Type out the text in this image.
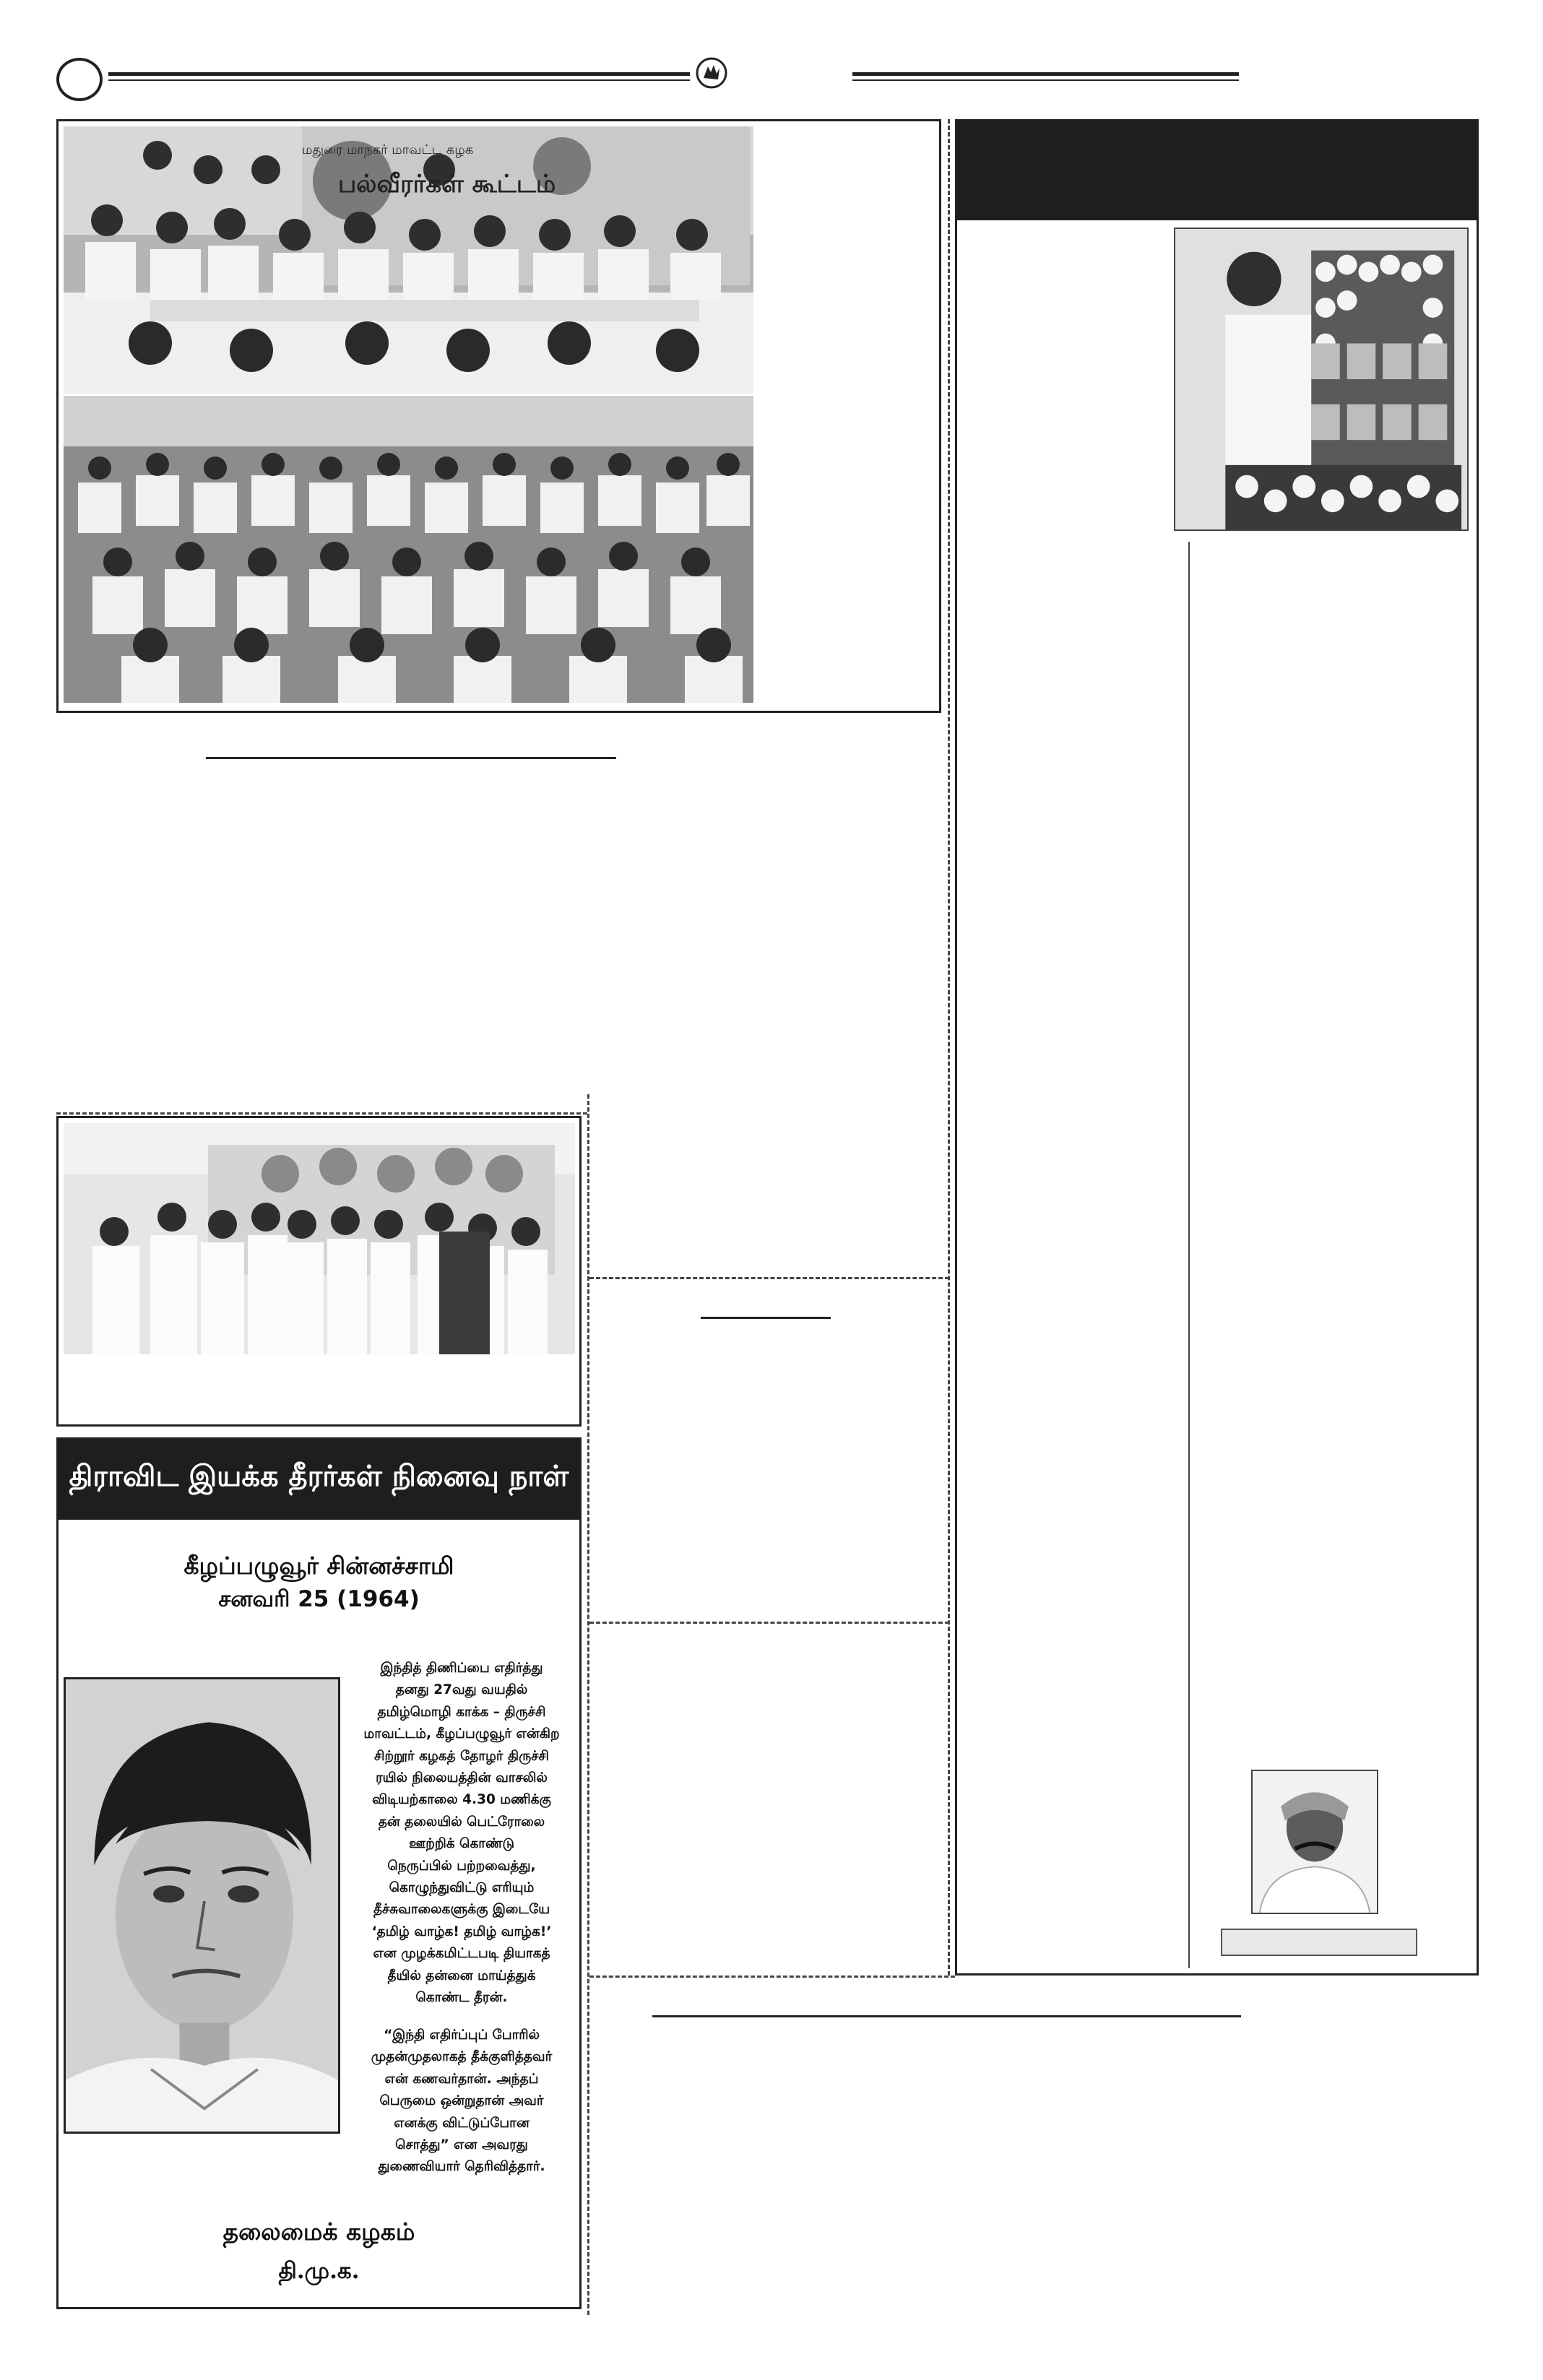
மதுரை மாநகர் மாவட்ட கழக
பல்வீரர்கள் கூட்டம்
திராவிட இயக்க தீரர்கள் நினைவு நாள்
கீழப்பழுவூர் சின்னச்சாமி
சனவரி 25 (1964)
இந்தித் திணிப்பை எதிர்த்து
தனது 27வது வயதில்
தமிழ்மொழி காக்க – திருச்சி
மாவட்டம், கீழப்பழுவூர் என்கிற
சிற்றூர் கழகத் தோழர் திருச்சி
ரயில் நிலையத்தின் வாசலில்
விடியற்காலை 4.30 மணிக்கு
தன் தலையில் பெட்ரோலை
ஊற்றிக் கொண்டு
நெருப்பில் பற்றவைத்து,
கொழுந்துவிட்டு எரியும்
தீச்சுவாலைகளுக்கு இடையே
‘தமிழ் வாழ்க! தமிழ் வாழ்க!’
என முழக்கமிட்டபடி தியாகத்
தீயில் தன்னை மாய்த்துக்
கொண்ட தீரன்.
“இந்தி எதிர்ப்புப் போரில்
முதன்முதலாகத் தீக்குளித்தவர்
என் கணவர்தான். அந்தப்
பெருமை ஒன்றுதான் அவர்
எனக்கு விட்டுப்போன
சொத்து” என அவரது
துணைவியார் தெரிவித்தார்.
தலைமைக் கழகம்
தி.மு.க.
